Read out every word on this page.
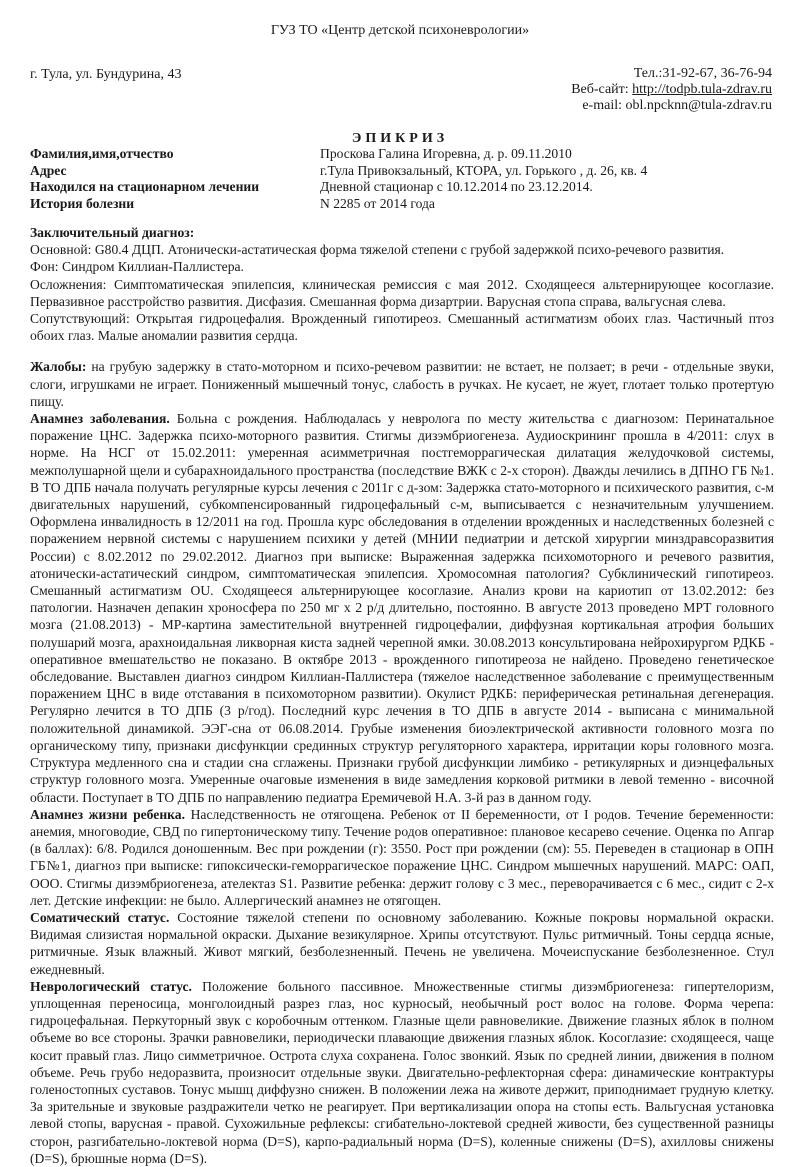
ГУЗ ТО «Центр детской психоневрологии»
г. Тула, ул. Бундурина, 43	Тел.:31-92-67, 36-76-94
Веб-сайт: http://todpb.tula-zdrav.ru
e-mail: obl.npcknn@tula-zdrav.ru
ЭПИКРИЗ
Фамилия,имя,отчество	Проскова Галина Игоревна, д. р. 09.11.2010
Адрес	г.Тула Привокзальный, КТОРА, ул. Горького , д. 26, кв. 4
Находился на стационарном лечении	Дневной стационар с 10.12.2014 по 23.12.2014.
История болезни	N 2285 от 2014 года

Заключительный диагноз:

Основной: G80.4 ДЦП. Атонически-астатическая форма тяжелой степени с грубой задержкой психо-речевого развития.

Фон: Синдром Киллиан-Паллистера.

Осложнения: Симптоматическая эпилепсия, клиническая ремиссия с мая 2012. Сходящееся альтернирующее косоглазие. Первазивное расстройство развития. Дисфазия. Смешанная форма дизартрии. Варусная стопа справа, вальгусная слева.

Сопутствующий: Открытая гидроцефалия. Врожденный гипотиреоз. Смешанный астигматизм обоих глаз. Частичный птоз обоих глаз. Малые аномалии развития сердца.

Жалобы: на грубую задержку в стато-моторном и психо-речевом развитии: не встает, не ползает; в речи - отдельные звуки, слоги, игрушками не играет. Пониженный мышечный тонус, слабость в ручках. Не кусает, не жует, глотает только протертую пищу.

Анамнез заболевания. Больна с рождения. Наблюдалась у невролога по месту жительства с диагнозом: Перинатальное поражение ЦНС. Задержка психо-моторного развития. Стигмы дизэмбриогенеза. Аудиоскрининг прошла в 4/2011: слух в норме. На НСГ от 15.02.2011: умеренная асимметричная постгеморрагическая дилатация желудочковой системы, межполушарной щели и субарахноидального пространства (последствие ВЖК с 2-х сторон). Дважды лечились в ДПНО ГБ №1. В ТО ДПБ начала получать регулярные курсы лечения с 2011г с д-зом: Задержка стато-моторного и психического развития, с-м двигательных нарушений, субкомпенсированный гидроцефальный с-м, выписывается с незначительным улучшением. Оформлена инвалидность в 12/2011 на год. Прошла курс обследования в отделении врожденных и наследственных болезней с поражением нервной системы с нарушением психики у детей (МНИИ педиатрии и детской хирургии минздравсоразвития России) с 8.02.2012 по 29.02.2012. Диагноз при выписке: Выраженная задержка психомоторного и речевого развития, атонически-астатический синдром, симптоматическая эпилепсия. Хромосомная патология? Субклинический гипотиреоз. Смешанный астигматизм OU. Сходящееся альтернирующее косоглазие. Анализ крови на кариотип от 13.02.2012: без патологии. Назначен депакин хроносфера по 250 мг х 2 р/д длительно, постоянно. В августе 2013 проведено МРТ головного мозга (21.08.2013) - МР-картина заместительной внутренней гидроцефалии, диффузная кортикальная атрофия больших полушарий мозга, арахноидальная ликворная киста задней черепной ямки. 30.08.2013 консультирована нейрохирургом РДКБ - оперативное вмешательство не показано. В октябре 2013 - врожденного гипотиреоза не найдено. Проведено генетическое обследование. Выставлен диагноз синдром Киллиан-Паллистера (тяжелое наследственное заболевание с преимущественным поражением ЦНС в виде отставания в психомоторном развитии). Окулист РДКБ: периферическая ретинальная дегенерация. Регулярно лечится в ТО ДПБ (3 р/год). Последний курс лечения в ТО ДПБ в августе 2014 - выписана с минимальной положительной динамикой. ЭЭГ-сна от 06.08.2014. Грубые изменения биоэлектрической активности головного мозга по органическому типу, признаки дисфункции срединных структур регуляторного характера, ирритации коры головного мозга. Структура медленного сна и стадии сна сглажены. Признаки грубой дисфункции лимбико - ретикулярных и диэнцефальных структур головного мозга. Умеренные очаговые изменения в виде замедления корковой ритмики в левой теменно - височной области. Поступает в ТО ДПБ по направлению педиатра Еремичевой Н.А. 3-й раз в данном году.

Анамнез жизни ребенка. Наследственность не отягощена. Ребенок от II беременности, от I родов. Течение беременности: анемия, многоводие, СВД по гипертоническому типу. Течение родов оперативное: плановое кесарево сечение. Оценка по Апгар (в баллах): 6/8. Родился доношенным. Вес при рождении (г): 3550. Рост при рождении (см): 55. Переведен в стационар в ОПН ГБ№1, диагноз при выписке: гипоксически-геморрагическое поражение ЦНС. Синдром мышечных нарушений. МАРС: ОАП, ООО. Стигмы дизэмбриогенеза, ателектаз S1. Развитие ребенка: держит голову с 3 мес., переворачивается с 6 мес., сидит с 2-х лет. Детские инфекции: не было. Аллергический анамнез не отягощен.

Соматический статус. Состояние тяжелой степени по основному заболеванию. Кожные покровы нормальной окраски. Видимая слизистая нормальной окраски. Дыхание везикулярное. Хрипы отсутствуют. Пульс ритмичный. Тоны сердца ясные, ритмичные. Язык влажный. Живот мягкий, безболезненный. Печень не увеличена. Мочеиспускание безболезненное. Стул ежедневный.

Неврологический статус. Положение больного пассивное. Множественные стигмы дизэмбриогенеза: гипертелоризм, уплощенная переносица, монголоидный разрез глаз, нос курносый, необычный рост волос на голове. Форма черепа: гидроцефальная. Перкуторный звук с коробочным оттенком. Глазные щели равновеликие. Движение глазных яблок в полном объеме во все стороны. Зрачки равновелики, периодически плавающие движения глазных яблок. Косоглазие: сходящееся, чаще косит правый глаз. Лицо симметричное. Острота слуха сохранена. Голос звонкий. Язык по средней линии, движения в полном объеме. Речь грубо недоразвита, произносит отдельные звуки. Двигательно-рефлекторная сфера: динамические контрактуры голеностопных суставов. Тонус мышц диффузно снижен. В положении лежа на животе держит, приподнимает грудную клетку. За зрительные и звуковые раздражители четко не реагирует. При вертикализации опора на стопы есть. Вальгусная установка левой стопы, варусная - правой. Сухожильные рефлексы: сгибательно-локтевой средней живости, без существенной разницы сторон, разгибательно-локтевой норма (D=S), карпо-радиальный норма (D=S), коленные снижены (D=S), ахилловы снижены (D=S), брюшные норма (D=S).
